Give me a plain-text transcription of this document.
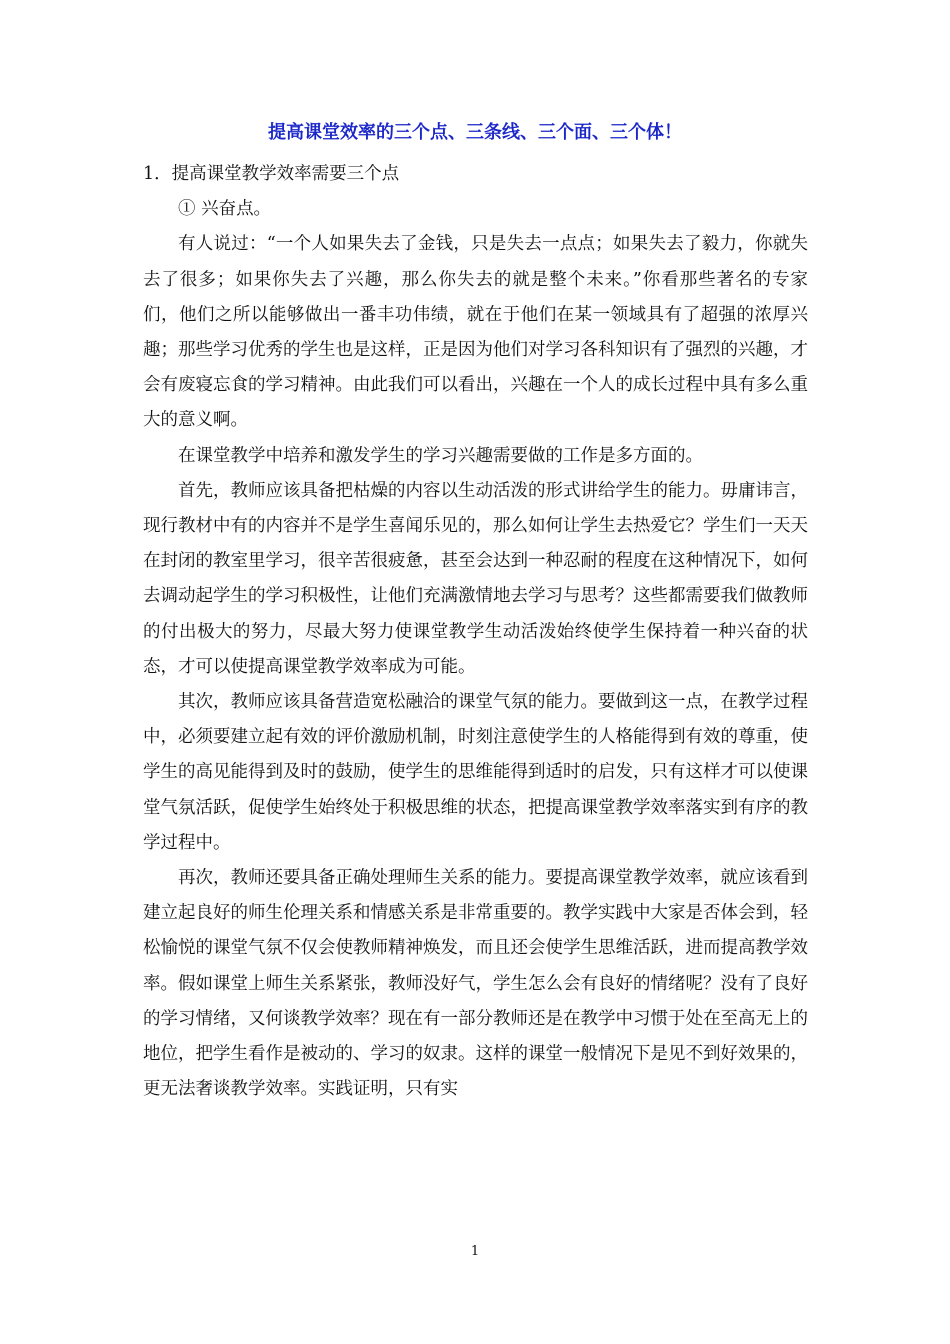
提高课堂效率的三个点、三条线、三个面、三个体！

1．提高课堂教学效率需要三个点

① 兴奋点。

有人说过：“一个人如果失去了金钱，只是失去一点点；如果失去了毅力，你就失去了很多；如果你失去了兴趣，那么你失去的就是整个未来。”你看那些著名的专家们，他们之所以能够做出一番丰功伟绩，就在于他们在某一领域具有了超强的浓厚兴趣；那些学习优秀的学生也是这样，正是因为他们对学习各科知识有了强烈的兴趣，才会有废寝忘食的学习精神。由此我们可以看出，兴趣在一个人的成长过程中具有多么重大的意义啊。

在课堂教学中培养和激发学生的学习兴趣需要做的工作是多方面的。

首先，教师应该具备把枯燥的内容以生动活泼的形式讲给学生的能力。毋庸讳言，现行教材中有的内容并不是学生喜闻乐见的，那么如何让学生去热爱它？学生们一天天在封闭的教室里学习，很辛苦很疲惫，甚至会达到一种忍耐的程度在这种情况下，如何去调动起学生的学习积极性，让他们充满激情地去学习与思考？这些都需要我们做教师的付出极大的努力，尽最大努力使课堂教学生动活泼始终使学生保持着一种兴奋的状态，才可以使提高课堂教学效率成为可能。

其次，教师应该具备营造宽松融洽的课堂气氛的能力。要做到这一点，在教学过程中，必须要建立起有效的评价激励机制，时刻注意使学生的人格能得到有效的尊重，使学生的高见能得到及时的鼓励，使学生的思维能得到适时的启发，只有这样才可以使课堂气氛活跃，促使学生始终处于积极思维的状态，把提高课堂教学效率落实到有序的教学过程中。

再次，教师还要具备正确处理师生关系的能力。要提高课堂教学效率，就应该看到建立起良好的师生伦理关系和情感关系是非常重要的。教学实践中大家是否体会到，轻松愉悦的课堂气氛不仅会使教师精神焕发，而且还会使学生思维活跃，进而提高教学效率。假如课堂上师生关系紧张，教师没好气，学生怎么会有良好的情绪呢？没有了良好的学习情绪，又何谈教学效率？现在有一部分教师还是在教学中习惯于处在至高无上的地位，把学生看作是被动的、学习的奴隶。这样的课堂一般情况下是见不到好效果的，更无法奢谈教学效率。实践证明，只有实

1
